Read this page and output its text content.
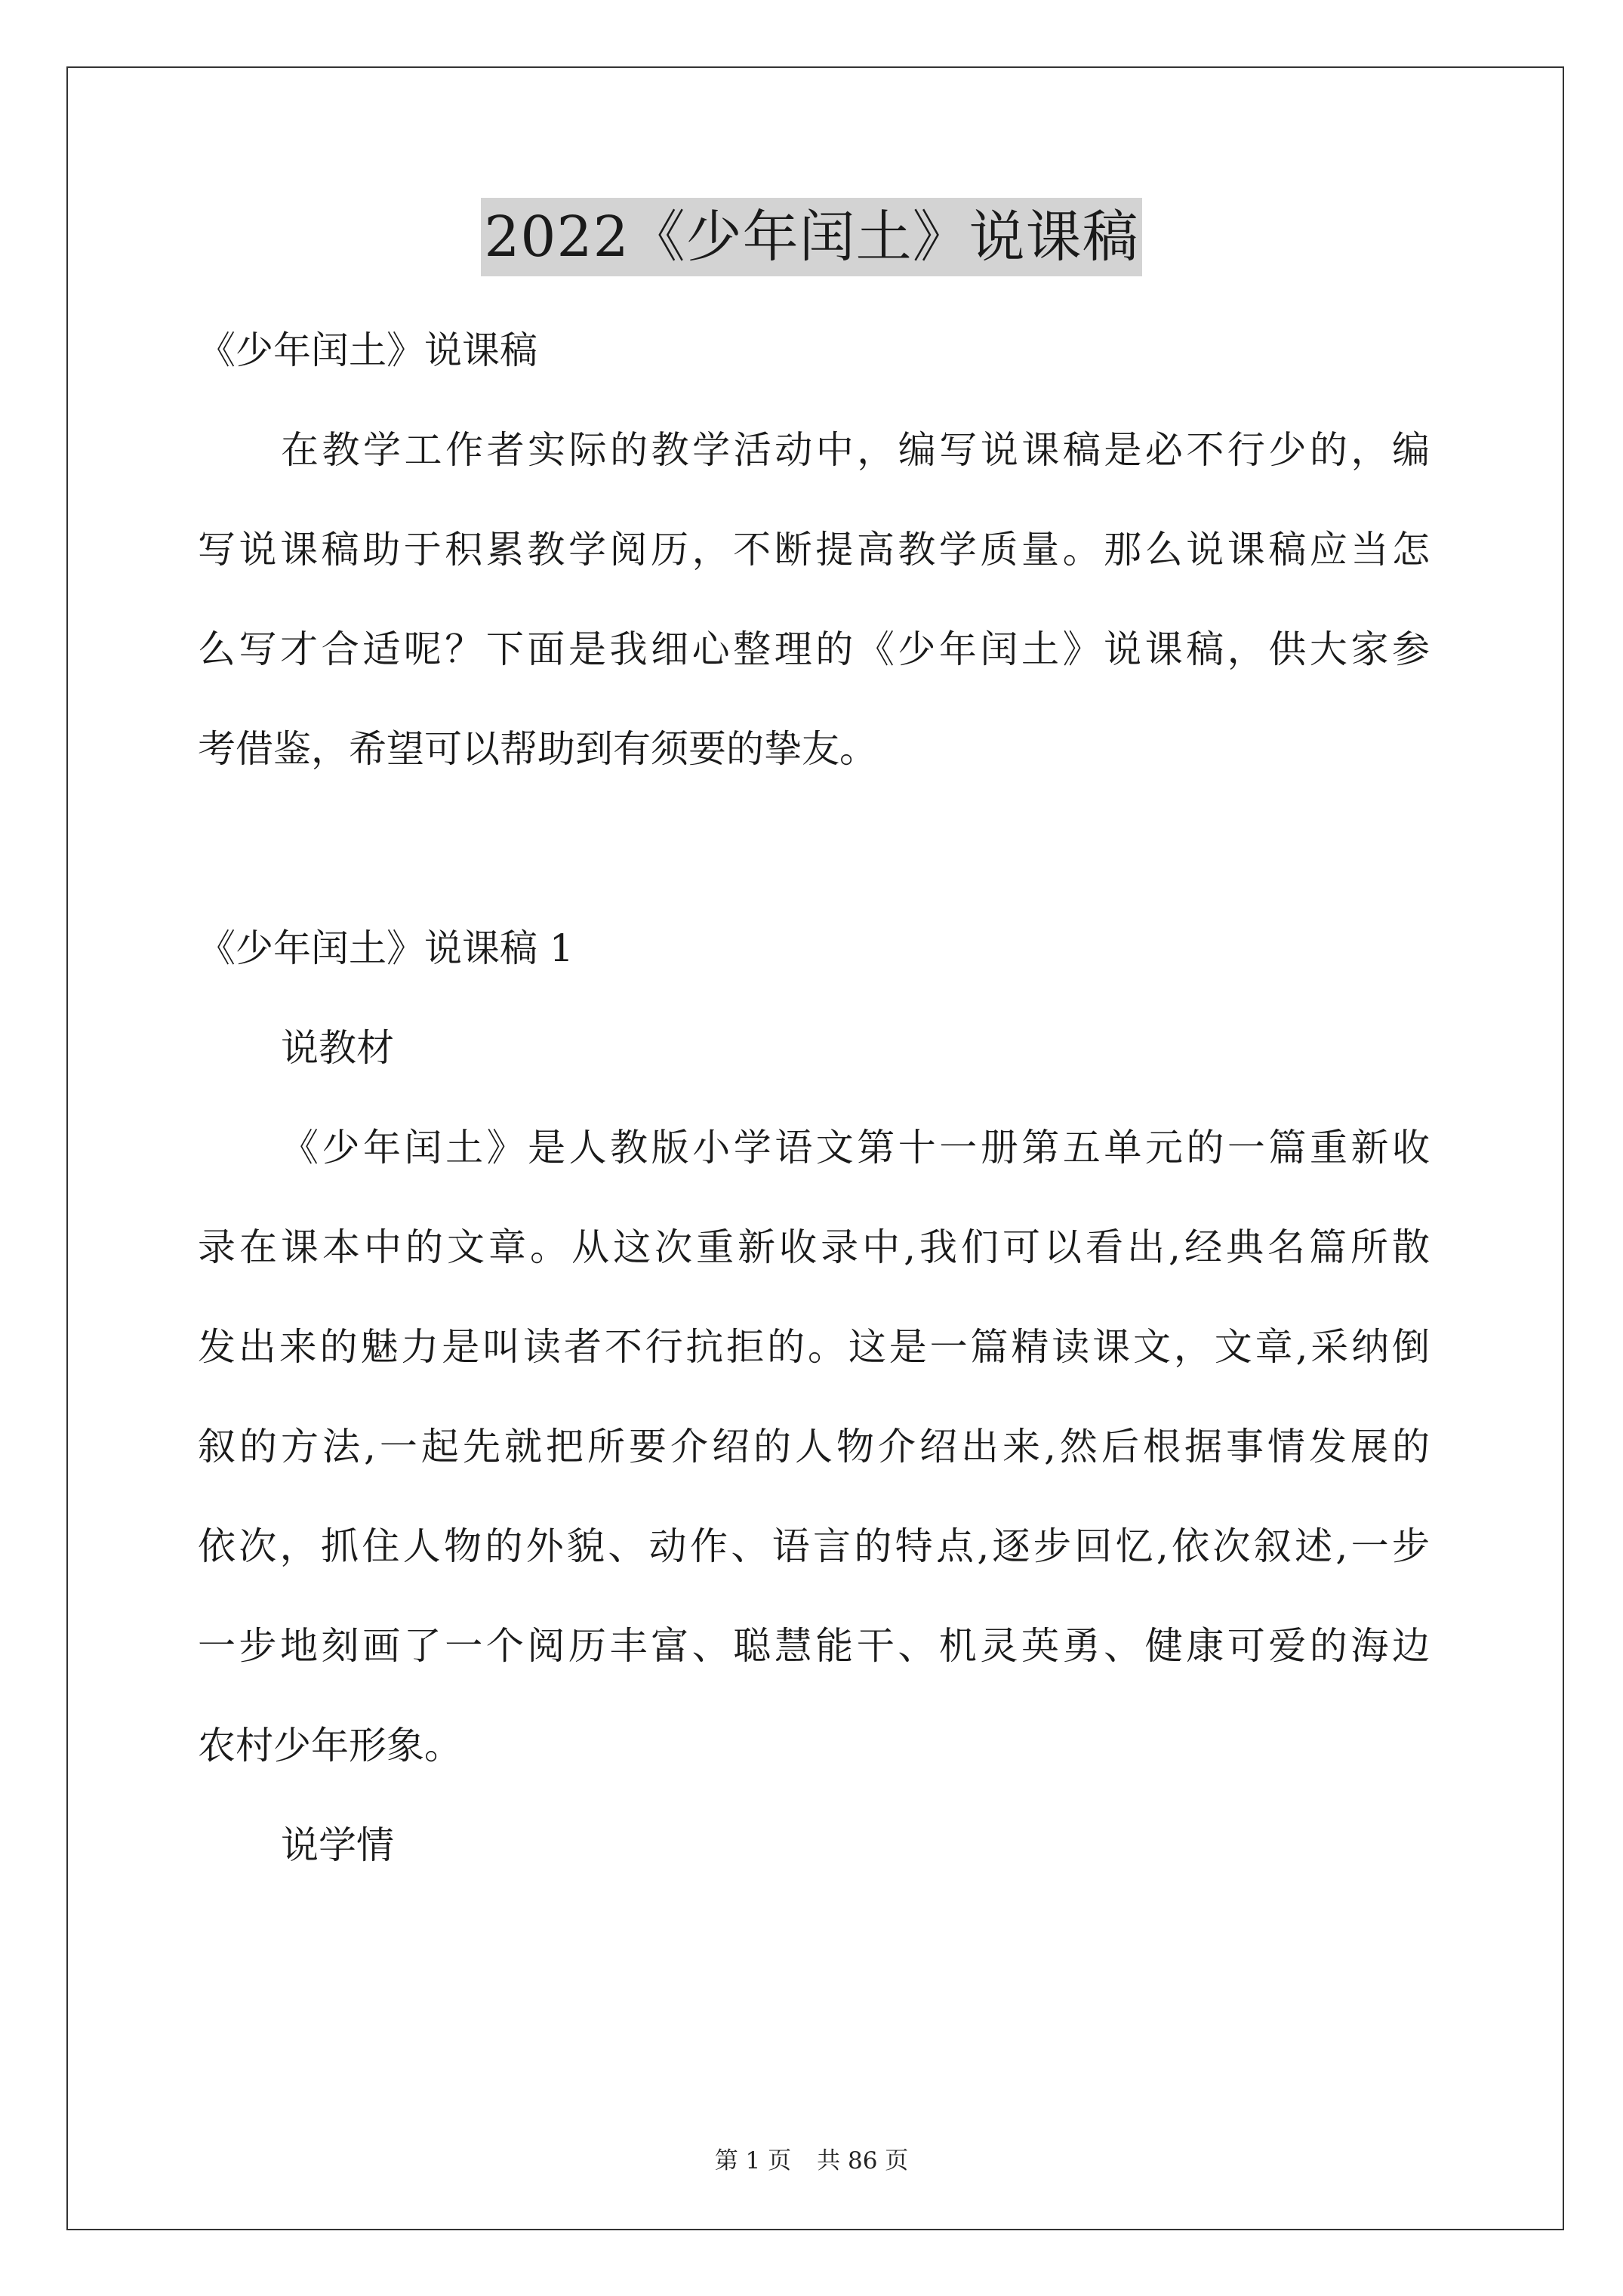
2022《少年闰土》说课稿
《少年闰土》说课稿
在教学工作者实际的教学活动中，编写说课稿是必不行少的，编
写说课稿助于积累教学阅历，不断提高教学质量。那么说课稿应当怎
么写才合适呢？下面是我细心整理的《少年闰土》说课稿，供大家参
考借鉴，希望可以帮助到有须要的挚友。
《少年闰土》说课稿 1
说教材
《少年闰土》是人教版小学语文第十一册第五单元的一篇重新收
录在课本中的文章。从这次重新收录中,我们可以看出,经典名篇所散
发出来的魅力是叫读者不行抗拒的。这是一篇精读课文，文章,采纳倒
叙的方法,一起先就把所要介绍的人物介绍出来,然后根据事情发展的
依次，抓住人物的外貌、动作、语言的特点,逐步回忆,依次叙述,一步
一步地刻画了一个阅历丰富、聪慧能干、机灵英勇、健康可爱的海边
农村少年形象。
说学情
第 1 页 共 86 页
